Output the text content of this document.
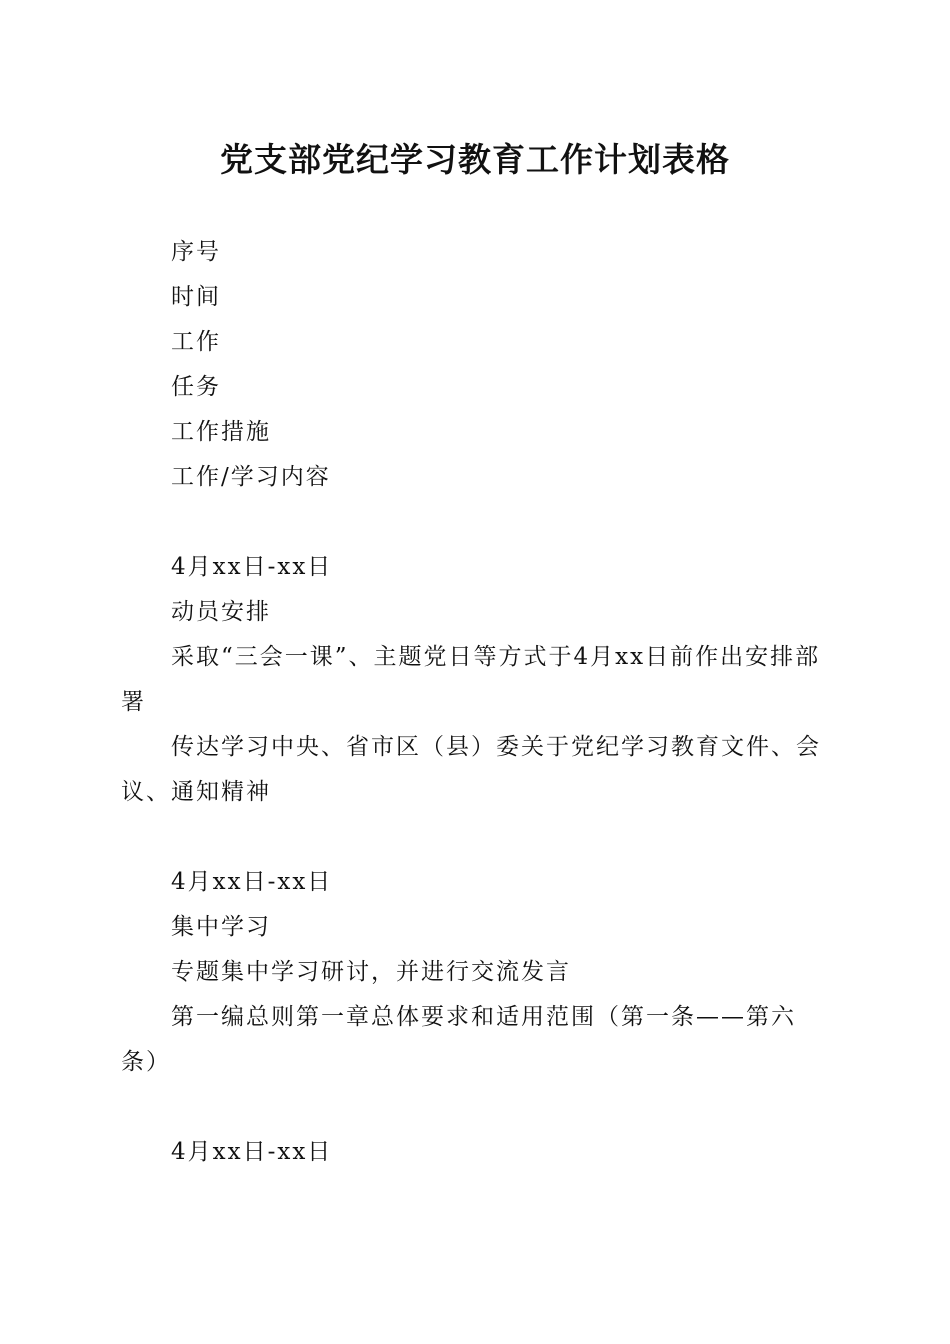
党支部党纪学习教育工作计划表格

序号

时间

工作

任务

工作措施

工作/学习内容

4月xx日-xx日

动员安排

采取“三会一课”、主题党日等方式于4月xx日前作出安排部署

传达学习中央、省市区（县）委关于党纪学习教育文件、会议、通知精神

4月xx日-xx日

集中学习

专题集中学习研讨，并进行交流发言

第一编总则第一章总体要求和适用范围（第一条——第六条）

4月xx日-xx日
